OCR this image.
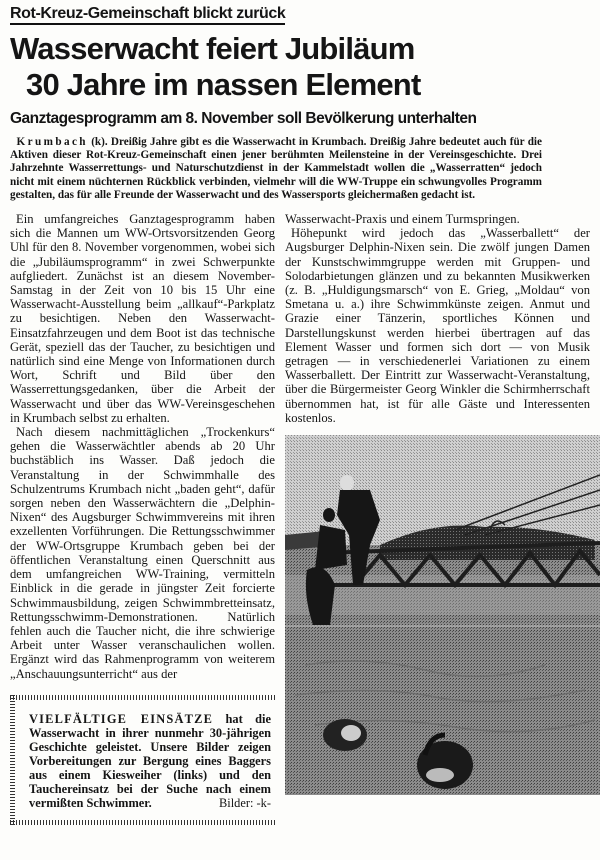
Rot-Kreuz-Gemeinschaft blickt zurück
Wasserwacht feiert Jubiläum
30 Jahre im nassen Element
Ganztagesprogramm am 8. November soll Bevölkerung unterhalten
Krumbach (k). Dreißig Jahre gibt es die Wasserwacht in Krumbach. Dreißig Jahre bedeutet auch für die Aktiven dieser Rot-Kreuz-Gemeinschaft einen jener berühmten Meilensteine in der Vereinsgeschichte. Drei Jahrzehnte Wasserrettungs- und Naturschutzdienst in der Kammelstadt wollen die „Wasserratten“ jedoch nicht mit einem nüchternen Rückblick verbinden, vielmehr will die WW-Truppe ein schwungvolles Programm gestalten, das für alle Freunde der Wasserwacht und des Wassersports gleichermaßen gedacht ist.

Ein umfangreiches Ganztagesprogramm haben sich die Mannen um WW-Ortsvorsitzenden Georg Uhl für den 8. November vorgenommen, wobei sich die „Jubiläumsprogramm“ in zwei Schwerpunkte aufgliedert. Zunächst ist an diesem November-Samstag in der Zeit von 10 bis 15 Uhr eine Wasserwacht-Ausstellung beim „allkauf“-Parkplatz zu besichtigen. Neben den Wasserwacht-Einsatzfahrzeugen und dem Boot ist das technische Gerät, speziell das der Taucher, zu besichtigen und natürlich sind eine Menge von Informationen durch Wort, Schrift und Bild über den Wasserrettungsgedanken, über die Arbeit der Wasserwacht und über das WW-Vereinsgeschehen in Krumbach selbst zu erhalten.

Nach diesem nachmittäglichen „Trockenkurs“ gehen die Wasserwächtler abends ab 20 Uhr buchstäblich ins Wasser. Daß jedoch die Veranstaltung in der Schwimmhalle des Schulzentrums Krumbach nicht „baden geht“, dafür sorgen neben den Wasserwächtern die „Delphin-Nixen“ des Augsburger Schwimmvereins mit ihren exzellenten Vorführungen. Die Rettungsschwimmer der WW-Ortsgruppe Krumbach geben bei der öffentlichen Veranstaltung einen Querschnitt aus dem umfangreichen WW-Training, vermitteln Einblick in die gerade in jüngster Zeit forcierte Schwimmausbildung, zeigen Schwimmbretteinsatz, Rettungsschwimm-Demonstrationen. Natürlich fehlen auch die Taucher nicht, die ihre schwierige Arbeit unter Wasser veranschaulichen wollen. Ergänzt wird das Rahmenprogramm von weiterem „Anschauungsunterricht“ aus der

VIELFÄLTIGE EINSÄTZE hat die Wasserwacht in ihrer nunmehr 30-jährigen Geschichte geleistet. Unsere Bilder zeigen Vorbereitungen zur Bergung eines Baggers aus einem Kiesweiher (links) und den Tauchereinsatz bei der Suche nach einem vermißten Schwimmer.	Bilder: -k-

Wasserwacht-Praxis und einem Turmspringen.

Höhepunkt wird jedoch das „Wasserballett“ der Augsburger Delphin-Nixen sein. Die zwölf jungen Damen der Kunstschwimmgruppe werden mit Gruppen- und Solodarbietungen glänzen und zu bekannten Musikwerken (z. B. „Huldigungsmarsch“ von E. Grieg, „Moldau“ von Smetana u. a.) ihre Schwimmkünste zeigen. Anmut und Grazie einer Tänzerin, sportliches Können und Darstellungskunst werden hierbei übertragen auf das Element Wasser und formen sich dort — von Musik getragen — in verschiedenerlei Variationen zu einem Wasserballett. Der Eintritt zur Wasserwacht-Veranstaltung, über die Bürgermeister Georg Winkler die Schirmherrschaft übernommen hat, ist für alle Gäste und Interessenten kostenlos.
